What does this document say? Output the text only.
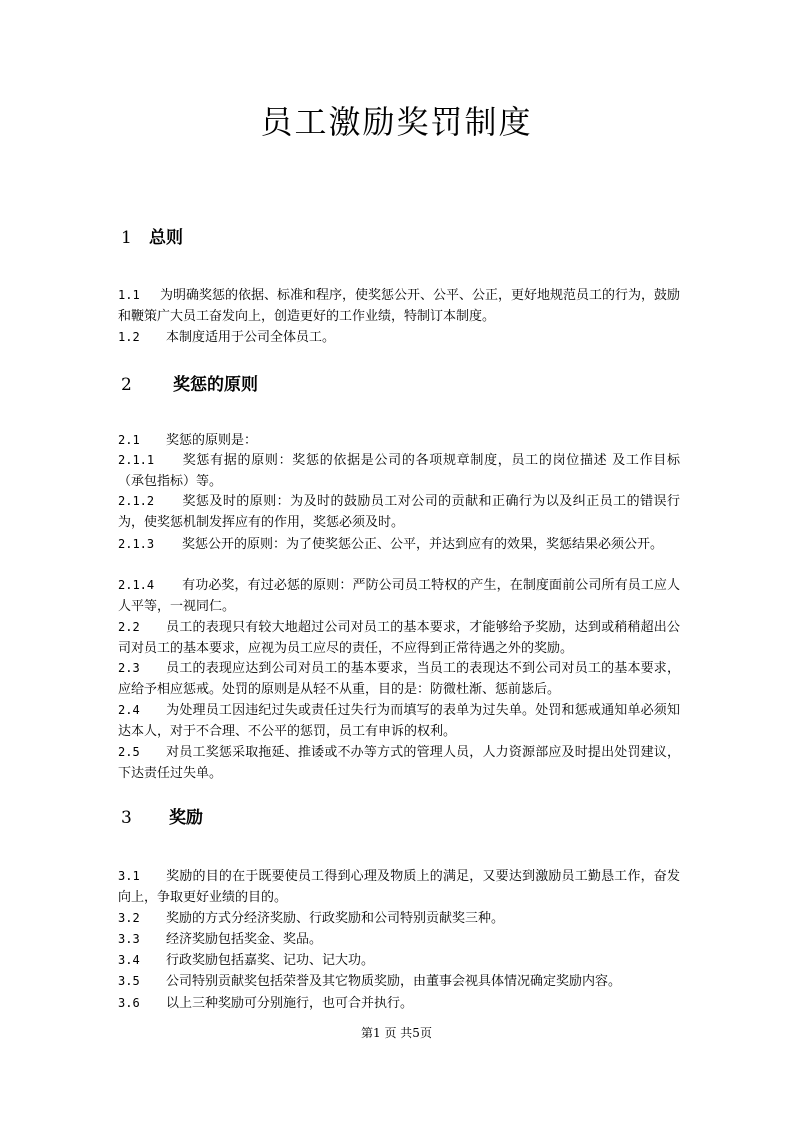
员工激励奖罚制度
1 总则

1.1 为明确奖惩的依据、标准和程序，使奖惩公开、公平、公正，更好地规范员工的行为，鼓励和鞭策广大员工奋发向上，创造更好的工作业绩，特制订本制度。

1.2 本制度适用于公司全体员工。

2 奖惩的原则

2.1 奖惩的原则是：

2.1.1 奖惩有据的原则：奖惩的依据是公司的各项规章制度，员工的岗位描述 及工作目标（承包指标）等。

2.1.2 奖惩及时的原则：为及时的鼓励员工对公司的贡献和正确行为以及纠正员工的错误行为，使奖惩机制发挥应有的作用，奖惩必须及时。

2.1.3 奖惩公开的原则：为了使奖惩公正、公平，并达到应有的效果，奖惩结果必须公开。

2.1.4 有功必奖，有过必惩的原则：严防公司员工特权的产生，在制度面前公司所有员工应人人平等，一视同仁。

2.2 员工的表现只有较大地超过公司对员工的基本要求，才能够给予奖励，达到或稍稍超出公司对员工的基本要求，应视为员工应尽的责任，不应得到正常待遇之外的奖励。

2.3 员工的表现应达到公司对员工的基本要求，当员工的表现达不到公司对员工的基本要求，应给予相应惩戒。处罚的原则是从轻不从重，目的是：防微杜渐、惩前毖后。

2.4 为处理员工因违纪过失或责任过失行为而填写的表单为过失单。处罚和惩戒通知单必须知达本人，对于不合理、不公平的惩罚，员工有申诉的权利。

2.5 对员工奖惩采取拖延、推诿或不办等方式的管理人员，人力资源部应及时提出处罚建议，下达责任过失单。

3 奖励

3.1 奖励的目的在于既要使员工得到心理及物质上的满足，又要达到激励员工勤恳工作，奋发向上，争取更好业绩的目的。

3.2 奖励的方式分经济奖励、行政奖励和公司特别贡献奖三种。

3.3 经济奖励包括奖金、奖品。

3.4 行政奖励包括嘉奖、记功、记大功。

3.5 公司特别贡献奖包括荣誉及其它物质奖励，由董事会视具体情况确定奖励内容。

3.6 以上三种奖励可分别施行，也可合并执行。

第1 页 共5页
